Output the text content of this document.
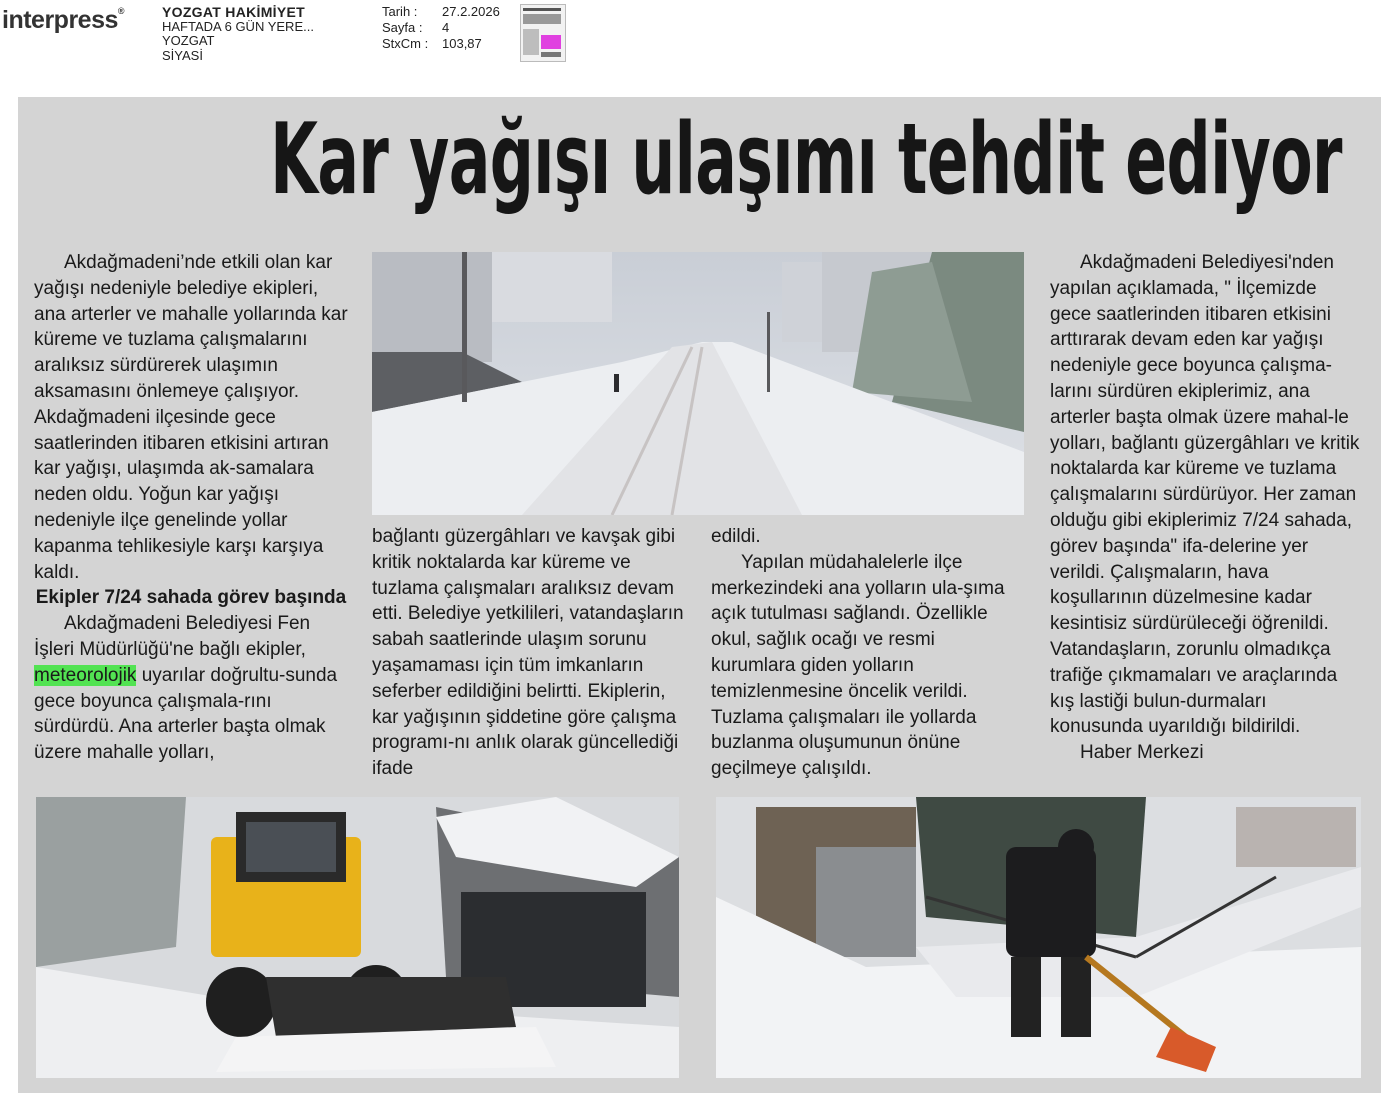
interpress®	YOZGAT HAKİMİYET
HAFTADA 6 GÜN YERE...
YOZGAT
SİYASİ
Tarih :	27.2.2026
Sayfa :	4
StxCm :	103,87
Kar yağışı ulaşımı tehdit ediyor

Akdağmadeni’nde etkili olan kar yağışı nedeniyle belediye ekipleri, ana arterler ve mahalle yollarında kar küreme ve tuzlama çalışmalarını aralıksız sürdürerek ulaşımın aksamasını önlemeye çalışıyor. Akdağmadeni ilçesinde gece saatlerinden itibaren etkisini artıran kar yağışı, ulaşımda ak-samalara neden oldu. Yoğun kar yağışı nedeniyle ilçe genelinde yollar kapanma tehlikesiyle karşı karşıya kaldı.

Ekipler 7/24 sahada görev başında

Akdağmadeni Belediyesi Fen İşleri Müdürlüğü'ne bağlı ekipler, meteorolojik uyarılar doğrultu-sunda gece boyunca çalışmala-rını sürdürdü. Ana arterler başta olmak üzere mahalle yolları,

bağlantı güzergâhları ve kavşak gibi kritik noktalarda kar küreme ve tuzlama çalışmaları aralıksız devam etti. Belediye yetkilileri, vatandaşların sabah saatlerinde ulaşım sorunu yaşamaması için tüm imkanların seferber edildiğini belirtti. Ekiplerin, kar yağışının şiddetine göre çalışma programı-nı anlık olarak güncellediği ifade

edildi.

Yapılan müdahalelerle ilçe merkezindeki ana yolların ula-şıma açık tutulması sağlandı. Özellikle okul, sağlık ocağı ve resmi kurumlara giden yolların temizlenmesine öncelik verildi. Tuzlama çalışmaları ile yollarda buzlanma oluşumunun önüne geçilmeye çalışıldı.

Akdağmadeni Belediyesi'nden yapılan açıklamada, " İlçemizde gece saatlerinden itibaren etkisini arttırarak devam eden kar yağışı nedeniyle gece boyunca çalışma-larını sürdüren ekiplerimiz, ana arterler başta olmak üzere mahal-le yolları, bağlantı güzergâhları ve kritik noktalarda kar küreme ve tuzlama çalışmalarını sürdürüyor. Her zaman olduğu gibi ekiplerimiz 7/24 sahada, görev başında" ifa-delerine yer verildi. Çalışmaların, hava koşullarının düzelmesine kadar kesintisiz sürdürüleceği öğrenildi. Vatandaşların, zorunlu olmadıkça trafiğe çıkmamaları ve araçlarında kış lastiği bulun-durmaları konusunda uyarıldığı bildirildi.

Haber Merkezi
